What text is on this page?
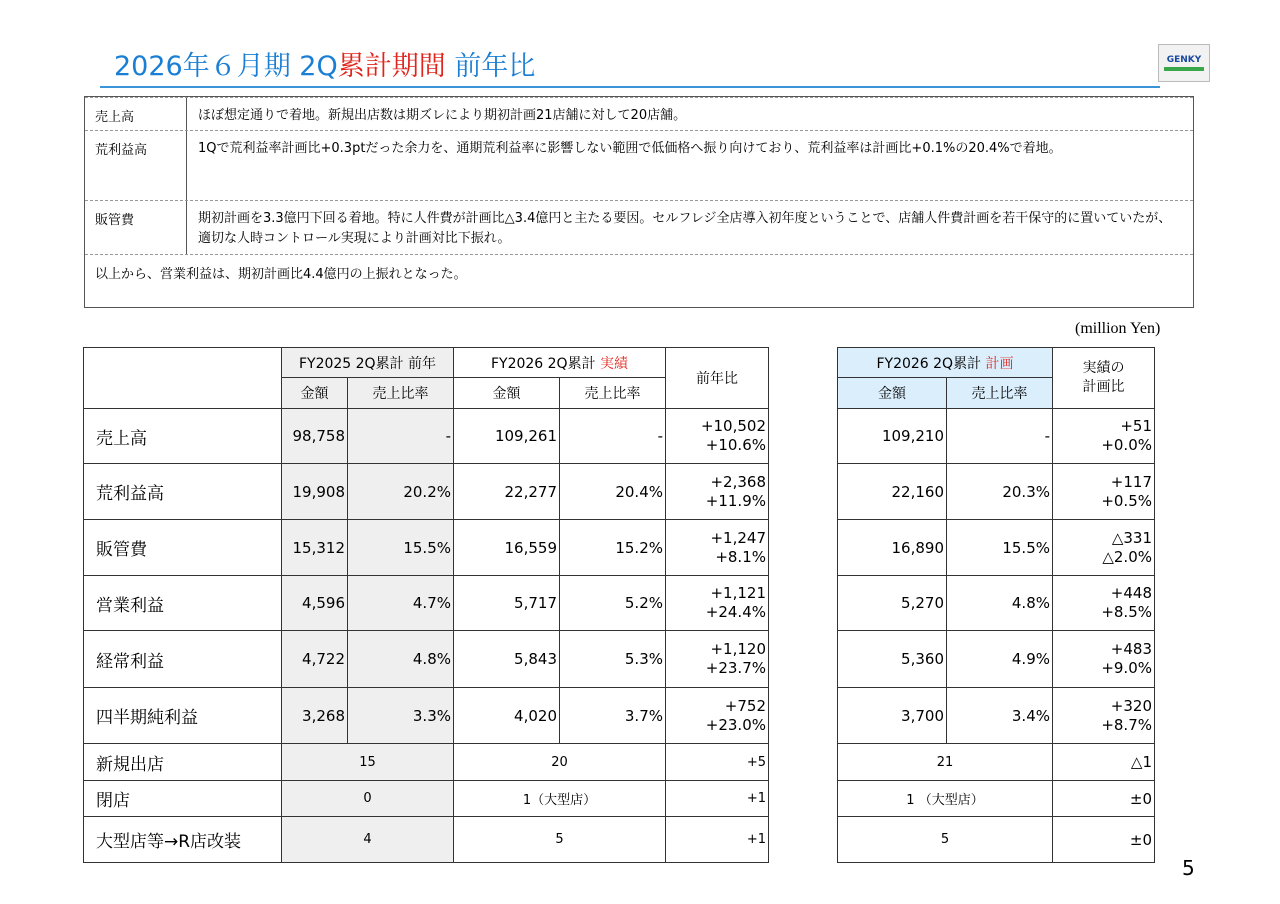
2026年６月期 2Q累計期間 前年比	GENKY
売上高	ほぼ想定通りで着地。新規出店数は期ズレにより期初計画21店舗に対して20店舗。
荒利益高	1Qで荒利益率計画比+0.3ptだった余力を、通期荒利益率に影響しない範囲で低価格へ振り向けており、荒利益率は計画比+0.1%の20.4%で着地。
販管費	期初計画を3.3億円下回る着地。特に人件費が計画比△3.4億円と主たる要因。セルフレジ全店導入初年度ということで、店舗人件費計画を若干保守的に置いていたが、適切な人時コントロール実現により計画対比下振れ。
以上から、営業利益は、期初計画比4.4億円の上振れとなった。
(million Yen)
	FY2025 2Q累計 前年		FY2026 2Q累計 実績		前年比
	金額	売上比率	金額	売上比率	
売上高	98,758	-	109,261	-	+10,502
+10.6%

荒利益高	19,908	20.2%	22,277	20.4%	+2,368
+11.9%

販管費	15,312	15.5%	16,559	15.2%	+1,247
+8.1%

営業利益	4,596	4.7%	5,717	5.2%	+1,121
+24.4%

経常利益	4,722	4.8%	5,843	5.3%	+1,120
+23.7%

四半期純利益	3,268	3.3%	4,020	3.7%	+752
+23.0%

新規出店	15		20		+5
閉店	0		1（大型店）		+1
大型店等→R店改装	4		5		+1
FY2026 2Q累計 計画		実績の
計画比
金額	売上比率	
109,210	-	+51
+0.0%

22,160	20.3%	+117
+0.5%

16,890	15.5%	△331
△2.0%

5,270	4.8%	+448
+8.5%

5,360	4.9%	+483
+9.0%

3,700	3.4%	+320
+8.7%

21		△1
1 （大型店）		±0
5		±0
5
